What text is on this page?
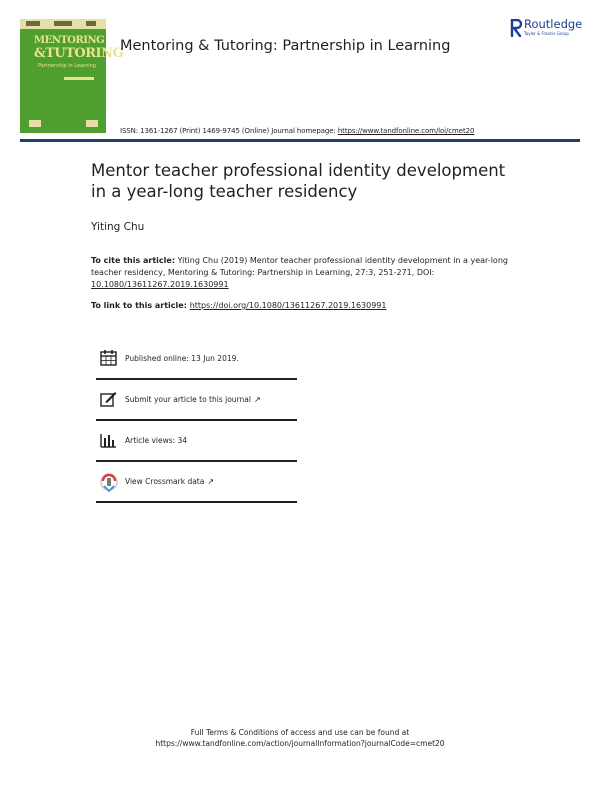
MENTORING
&TUTORING
Partnership in Learning
Mentoring & Tutoring: Partnership in Learning
Routledge
Taylor & Francis Group
ISSN: 1361-1267 (Print) 1469-9745 (Online) Journal homepage: https://www.tandfonline.com/loi/cmet20
Mentor teacher professional identity development
in a year-long teacher residency
Yiting Chu
To cite this article: Yiting Chu (2019) Mentor teacher professional identity development in a year-long teacher residency, Mentoring & Tutoring: Partnership in Learning, 27:3, 251-271, DOI: 10.1080/13611267.2019.1630991
To link to this article: https://doi.org/10.1080/13611267.2019.1630991
Published online: 13 Jun 2019.
Submit your article to this journal ↗
Article views: 34
View Crossmark data ↗
Full Terms & Conditions of access and use can be found at
https://www.tandfonline.com/action/journalInformation?journalCode=cmet20
